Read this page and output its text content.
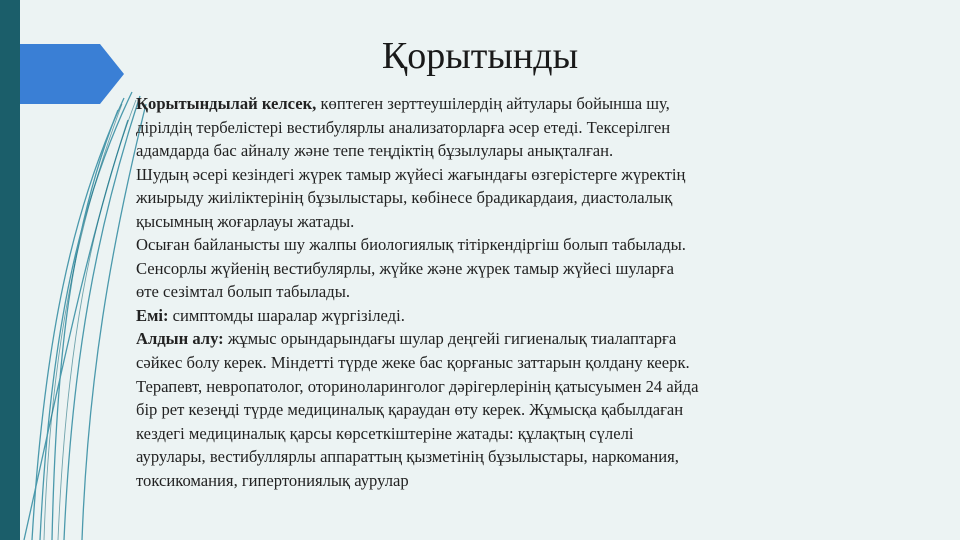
Қорытынды
Қорытындылай келсек, көптеген зерттеушілердің айтулары бойынша шу,
дірілдің тербелістері вестибулярлы анализаторларға әсер етеді. Тексерілген
адамдарда бас айналу және тепе теңдіктің бұзылулары анықталған.
Шудың әсері кезіндегі жүрек тамыр жүйесі жағындағы өзгерістерге жүректің
жиырыду жиіліктерінің бұзылыстары, көбінесе брадикардаия, диастолалық
қысымның жоғарлауы жатады.
Осыған байланысты шу жалпы биологиялық тітіркендіргіш болып табылады.
Сенсорлы жүйенің вестибулярлы, жүйке және жүрек тамыр жүйесі шуларға
өте сезімтал болып табылады.
Емі: симптомды шаралар жүргізіледі.
Алдын алу: жұмыс орындарындағы шулар деңгейі гигиеналық тиалаптарға
сәйкес болу керек. Міндетті түрде жеке бас қорғаныс заттарын қолдану кеерк.
Терапевт, невропатолог, оториноларинголог дәрігерлерінің қатысуымен 24 айда
бір рет кезеңді түрде медициналық қараудан өту керек. Жұмысқа қабылдаған
кездегі медициналық қарсы көрсеткіштеріне жатады: құлақтың сүлелі
аурулары, вестибуллярлы аппараттың қызметінің бұзылыстары, наркомания,
токсикомания, гипертониялық аурулар
